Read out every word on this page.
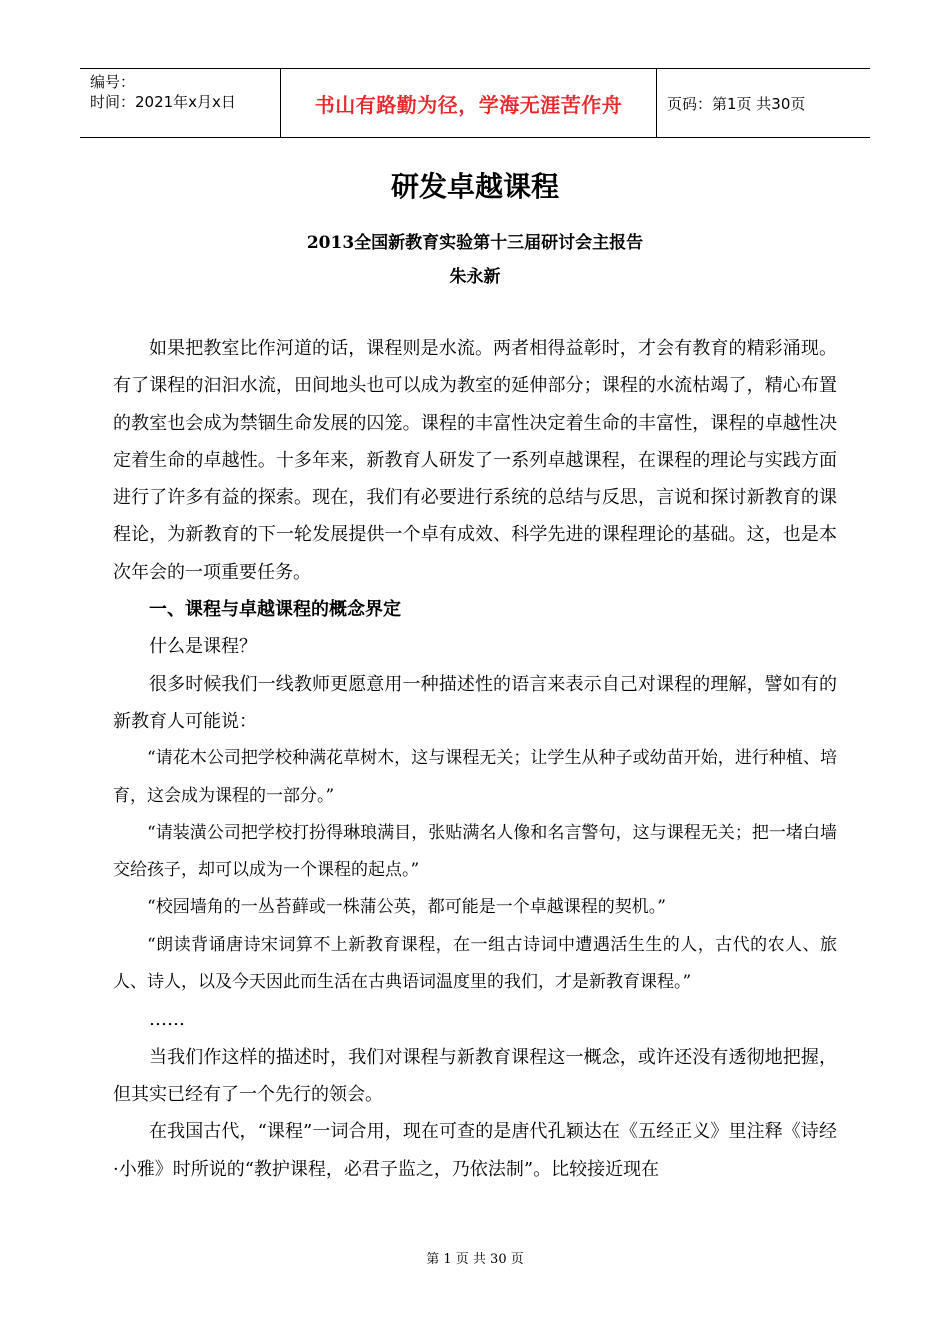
编号：
时间：2021年x月x日	书山有路勤为径，学海无涯苦作舟	页码：第1页 共30页
研发卓越课程
2013全国新教育实验第十三届研讨会主报告
朱永新

如果把教室比作河道的话，课程则是水流。两者相得益彰时，才会有教育的精彩涌现。有了课程的汩汩水流，田间地头也可以成为教室的延伸部分；课程的水流枯竭了，精心布置的教室也会成为禁锢生命发展的囚笼。课程的丰富性决定着生命的丰富性，课程的卓越性决定着生命的卓越性。十多年来，新教育人研发了一系列卓越课程，在课程的理论与实践方面进行了许多有益的探索。现在，我们有必要进行系统的总结与反思，言说和探讨新教育的课程论，为新教育的下一轮发展提供一个卓有成效、科学先进的课程理论的基础。这，也是本次年会的一项重要任务。

一、课程与卓越课程的概念界定

什么是课程？

很多时候我们一线教师更愿意用一种描述性的语言来表示自己对课程的理解，譬如有的新教育人可能说：

“请花木公司把学校种满花草树木，这与课程无关；让学生从种子或幼苗开始，进行种植、培育，这会成为课程的一部分。”

“请装潢公司把学校打扮得琳琅满目，张贴满名人像和名言警句，这与课程无关；把一堵白墙交给孩子，却可以成为一个课程的起点。”

“校园墙角的一丛苔藓或一株蒲公英，都可能是一个卓越课程的契机。”

“朗读背诵唐诗宋词算不上新教育课程，在一组古诗词中遭遇活生生的人，古代的农人、旅人、诗人，以及今天因此而生活在古典语词温度里的我们，才是新教育课程。”

……

当我们作这样的描述时，我们对课程与新教育课程这一概念，或许还没有透彻地把握，但其实已经有了一个先行的领会。

在我国古代，“课程”一词合用，现在可查的是唐代孔颖达在《五经正义》里注释《诗经·小雅》时所说的“教护课程，必君子监之，乃依法制”。比较接近现在

第 1 页 共 30 页
